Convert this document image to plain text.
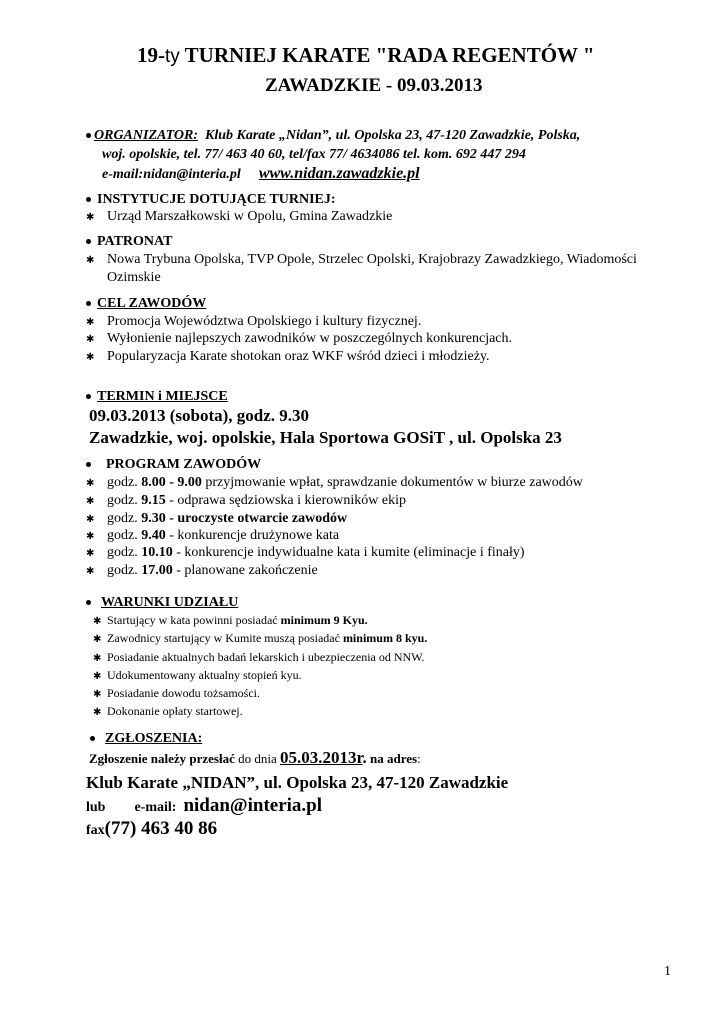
19-ty TURNIEJ KARATE "RADA REGENTÓW "
ZAWADZKIE - 09.03.2013
ORGANIZATOR: Klub Karate „Nidan”, ul. Opolska 23, 47-120 Zawadzkie, Polska,
woj. opolskie, tel. 77/ 463 40 60, tel/fax 77/ 4634086 tel. kom. 692 447 294
e-mail:nidan@interia.pl www.nidan.zawadzkie.pl
INSTYTUCJE DOTUJĄCE TURNIEJ:
✱ Urząd Marszałkowski w Opolu, Gmina Zawadzkie
PATRONAT
✱ Nowa Trybuna Opolska, TVP Opole, Strzelec Opolski, Krajobrazy Zawadzkiego, Wiadomości
Ozimskie
CEL ZAWODÓW
✱ Promocja Województwa Opolskiego i kultury fizycznej.
✱ Wyłonienie najlepszych zawodników w poszczególnych konkurencjach.
✱ Popularyzacja Karate shotokan oraz WKF wśród dzieci i młodzieży.
TERMIN i MIEJSCE
09.03.2013 (sobota), godz. 9.30
Zawadzkie, woj. opolskie, Hala Sportowa GOSiT , ul. Opolska 23
PROGRAM ZAWODÓW
✱ godz. 8.00 - 9.00 przyjmowanie wpłat, sprawdzanie dokumentów w biurze zawodów
✱ godz. 9.15 - odprawa sędziowska i kierowników ekip
✱ godz. 9.30 - uroczyste otwarcie zawodów
✱ godz. 9.40 - konkurencje drużynowe kata
✱ godz. 10.10 - konkurencje indywidualne kata i kumite (eliminacje i finały)
✱ godz. 17.00 - planowane zakończenie
WARUNKI UDZIAŁU
✱ Startujący w kata powinni posiadać minimum 9 Kyu.
✱ Zawodnicy startujący w Kumite muszą posiadać minimum 8 kyu.
✱ Posiadanie aktualnych badań lekarskich i ubezpieczenia od NNW.
✱ Udokumentowany aktualny stopień kyu.
✱ Posiadanie dowodu tożsamości.
✱ Dokonanie opłaty startowej.
ZGŁOSZENIA:
Zgłoszenie należy przesłać do dnia 05.03.2013r. na adres:
Klub Karate „NIDAN”, ul. Opolska 23, 47-120 Zawadzkie
lub e-mail: nidan@interia.pl
fax(77) 463 40 86
1
